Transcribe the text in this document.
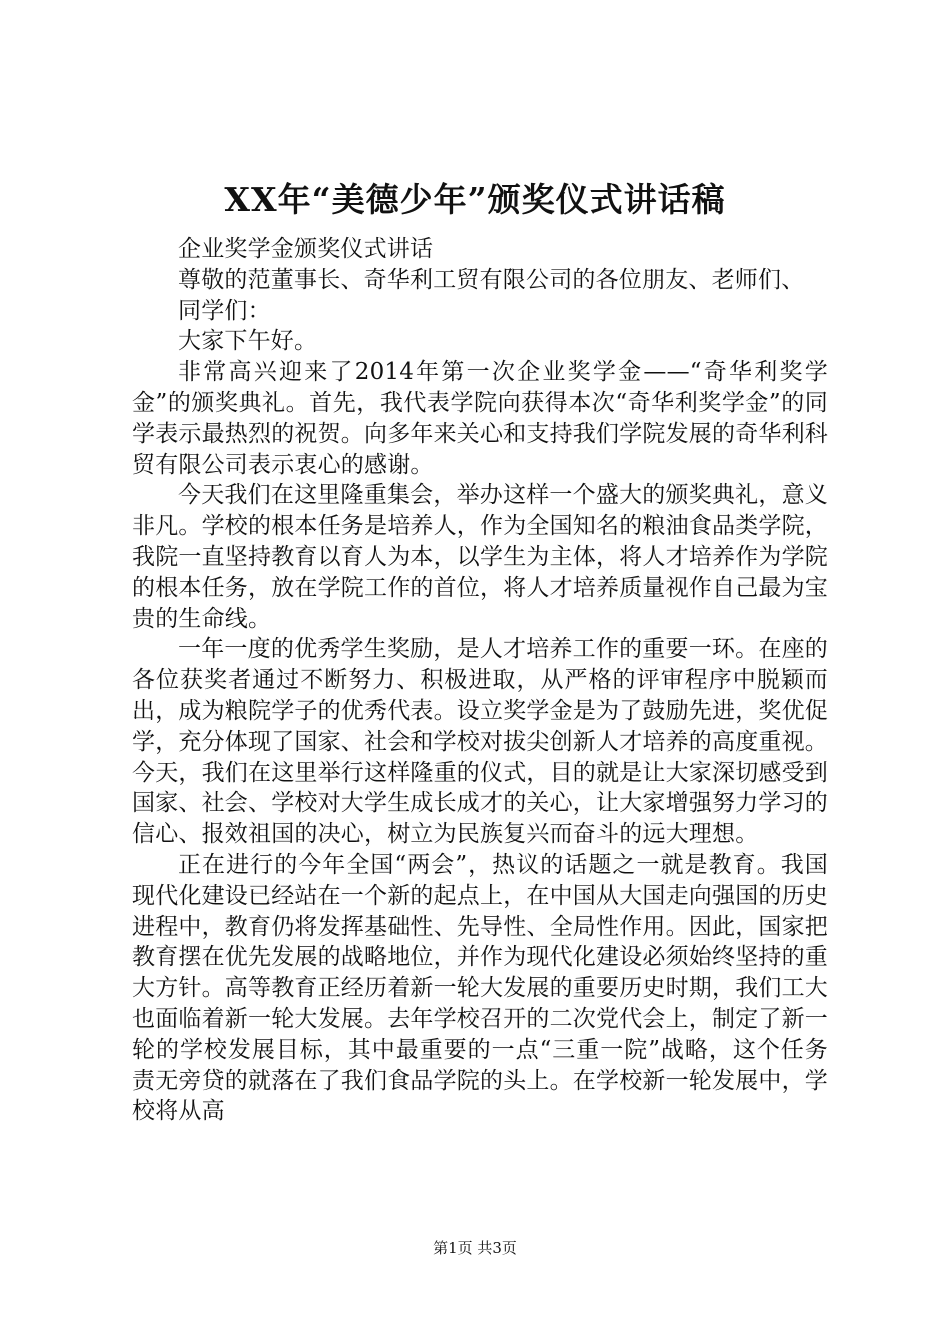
XX年“美德少年”颁奖仪式讲话稿

企业奖学金颁奖仪式讲话

尊敬的范董事长、奇华利工贸有限公司的各位朋友、老师们、

同学们：

大家下午好。

非常高兴迎来了2014年第一次企业奖学金——“奇华利奖学金”的颁奖典礼。首先，我代表学院向获得本次“奇华利奖学金”的同学表示最热烈的祝贺。向多年来关心和支持我们学院发展的奇华利科贸有限公司表示衷心的感谢。

今天我们在这里隆重集会，举办这样一个盛大的颁奖典礼，意义非凡。学校的根本任务是培养人，作为全国知名的粮油食品类学院，我院一直坚持教育以育人为本，以学生为主体，将人才培养作为学院的根本任务，放在学院工作的首位，将人才培养质量视作自己最为宝贵的生命线。

一年一度的优秀学生奖励，是人才培养工作的重要一环。在座的各位获奖者通过不断努力、积极进取，从严格的评审程序中脱颖而出，成为粮院学子的优秀代表。设立奖学金是为了鼓励先进，奖优促学，充分体现了国家、社会和学校对拔尖创新人才培养的高度重视。今天，我们在这里举行这样隆重的仪式，目的就是让大家深切感受到国家、社会、学校对大学生成长成才的关心，让大家增强努力学习的信心、报效祖国的决心，树立为民族复兴而奋斗的远大理想。

正在进行的今年全国“两会”，热议的话题之一就是教育。我国现代化建设已经站在一个新的起点上，在中国从大国走向强国的历史进程中，教育仍将发挥基础性、先导性、全局性作用。因此，国家把教育摆在优先发展的战略地位，并作为现代化建设必须始终坚持的重大方针。高等教育正经历着新一轮大发展的重要历史时期，我们工大也面临着新一轮大发展。去年学校召开的二次党代会上，制定了新一轮的学校发展目标，其中最重要的一点“三重一院”战略，这个任务责无旁贷的就落在了我们食品学院的头上。在学校新一轮发展中，学校将从高

第1页 共3页
